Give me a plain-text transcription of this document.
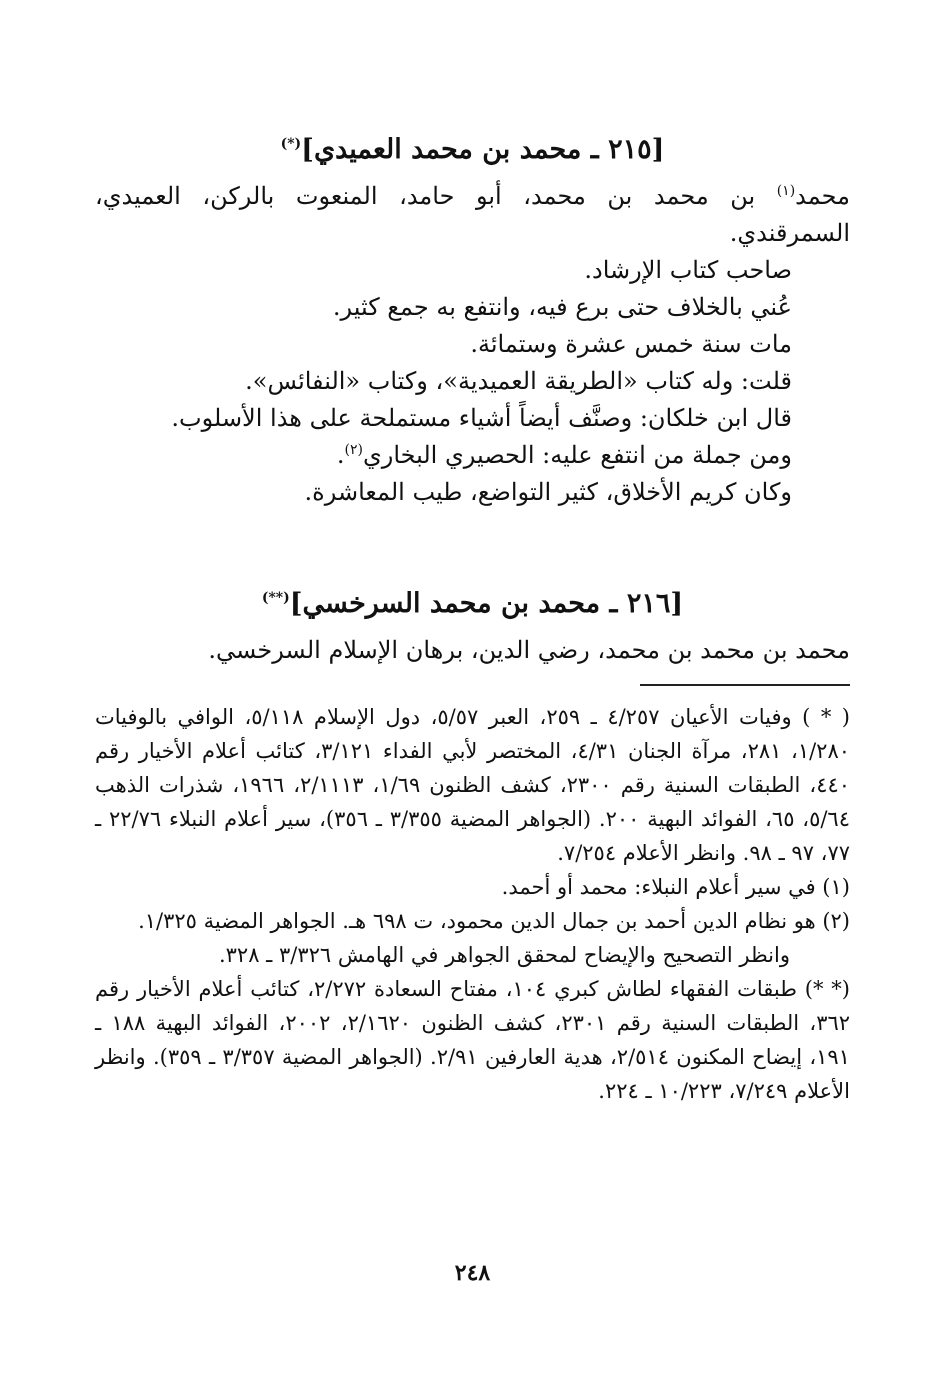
[٢١٥ ـ محمد بن محمد العميدي](*)
محمد$^{(١)}$ بن محمد بن محمد، أبو حامد، المنعوت بالركن، العميدي، السمرقندي.
صاحب كتاب الإرشاد.
عُني بالخلاف حتى برع فيه، وانتفع به جمع كثير.
مات سنة خمس عشرة وستمائة.
قلت: وله كتاب «الطريقة العميدية»، وكتاب «النفائس».
قال ابن خلكان: وصنَّف أيضاً أشياء مستملحة على هذا الأسلوب.
ومن جملة من انتفع عليه: الحصيري البخاري$^{(٢)}$.
وكان كريم الأخلاق، كثير التواضع، طيب المعاشرة.
[٢١٦ ـ محمد بن محمد السرخسي](**)
محمد بن محمد بن محمد، رضي الدين، برهان الإسلام السرخسي.

( * ) وفيات الأعيان ٤/٢٥٧ ـ ٢٥٩، العبر ٥/٥٧، دول الإسلام ٥/١١٨، الوافي بالوفيات ١/٢٨٠، ٢٨١، مرآة الجنان ٤/٣١، المختصر لأبي الفداء ٣/١٢١، كتائب أعلام الأخيار رقم ٤٤٠، الطبقات السنية رقم ٢٣٠٠، كشف الظنون ١/٦٩، ٢/١١١٣، ١٩٦٦، شذرات الذهب ٥/٦٤، ٦٥، الفوائد البهية ٢٠٠. (الجواهر المضية ٣/٣٥٥ ـ ٣٥٦)، سير أعلام النبلاء ٢٢/٧٦ ـ ٧٧، ٩٧ ـ ٩٨. وانظر الأعلام ٧/٢٥٤.

(١) في سير أعلام النبلاء: محمد أو أحمد.

(٢) هو نظام الدين أحمد بن جمال الدين محمود، ت ٦٩٨ هـ. الجواهر المضية ١/٣٢٥.

وانظر التصحيح والإيضاح لمحقق الجواهر في الهامش ٣/٣٢٦ ـ ٣٢٨.

(* *) طبقات الفقهاء لطاش كبري ١٠٤، مفتاح السعادة ٢/٢٧٢، كتائب أعلام الأخيار رقم ٣٦٢، الطبقات السنية رقم ٢٣٠١، كشف الظنون ٢/١٦٢٠، ٢٠٠٢، الفوائد البهية ١٨٨ ـ ١٩١، إيضاح المكنون ٢/٥١٤، هدية العارفين ٢/٩١. (الجواهر المضية ٣/٣٥٧ ـ ٣٥٩). وانظر الأعلام ٧/٢٤٩، ١٠/٢٢٣ ـ ٢٢٤.

٢٤٨
